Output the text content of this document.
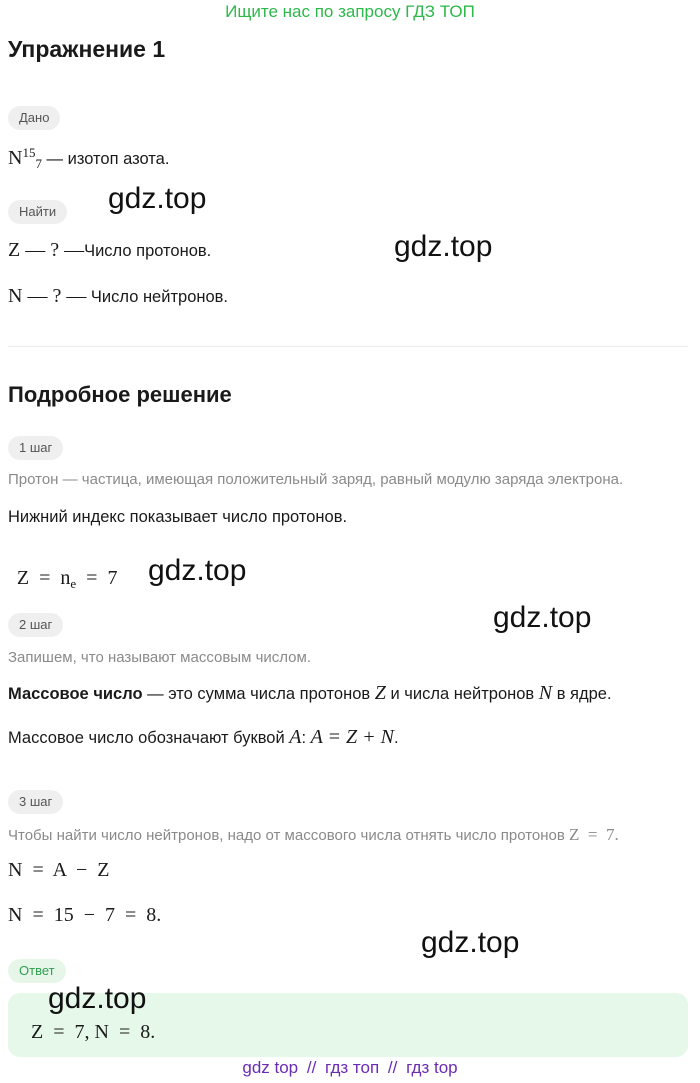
Ищите нас по запросу ГДЗ ТОП
Упражнение 1
Дано
$N^{15}_7$ — изотоп азота.
Найти
Z — ? —Число протонов.
N — ? — Число нейтронов.
Подробное решение
1 шаг
Протон — частица, имеющая положительный заряд, равный модулю заряда электрона.
Нижний индекс показывает число протонов.

$Z = n_e = 7$

2 шаг
Запишем, что называют массовым числом.
Массовое число — это сумма числа протонов Z и числа нейтронов N в ядре.
Массовое число обозначают буквой A: A = Z + N.
3 шаг
Чтобы найти число нейтронов, надо от массового числа отнять число протонов Z  =  7.
N  =  A  −  Z
N  =  15  −  7  =  8.
Ответ
Z  =  7, N  =  8.
gdz.top
gdz.top
gdz.top
gdz.top
gdz.top
gdz.top
gdz top // гдз топ // гдз top
